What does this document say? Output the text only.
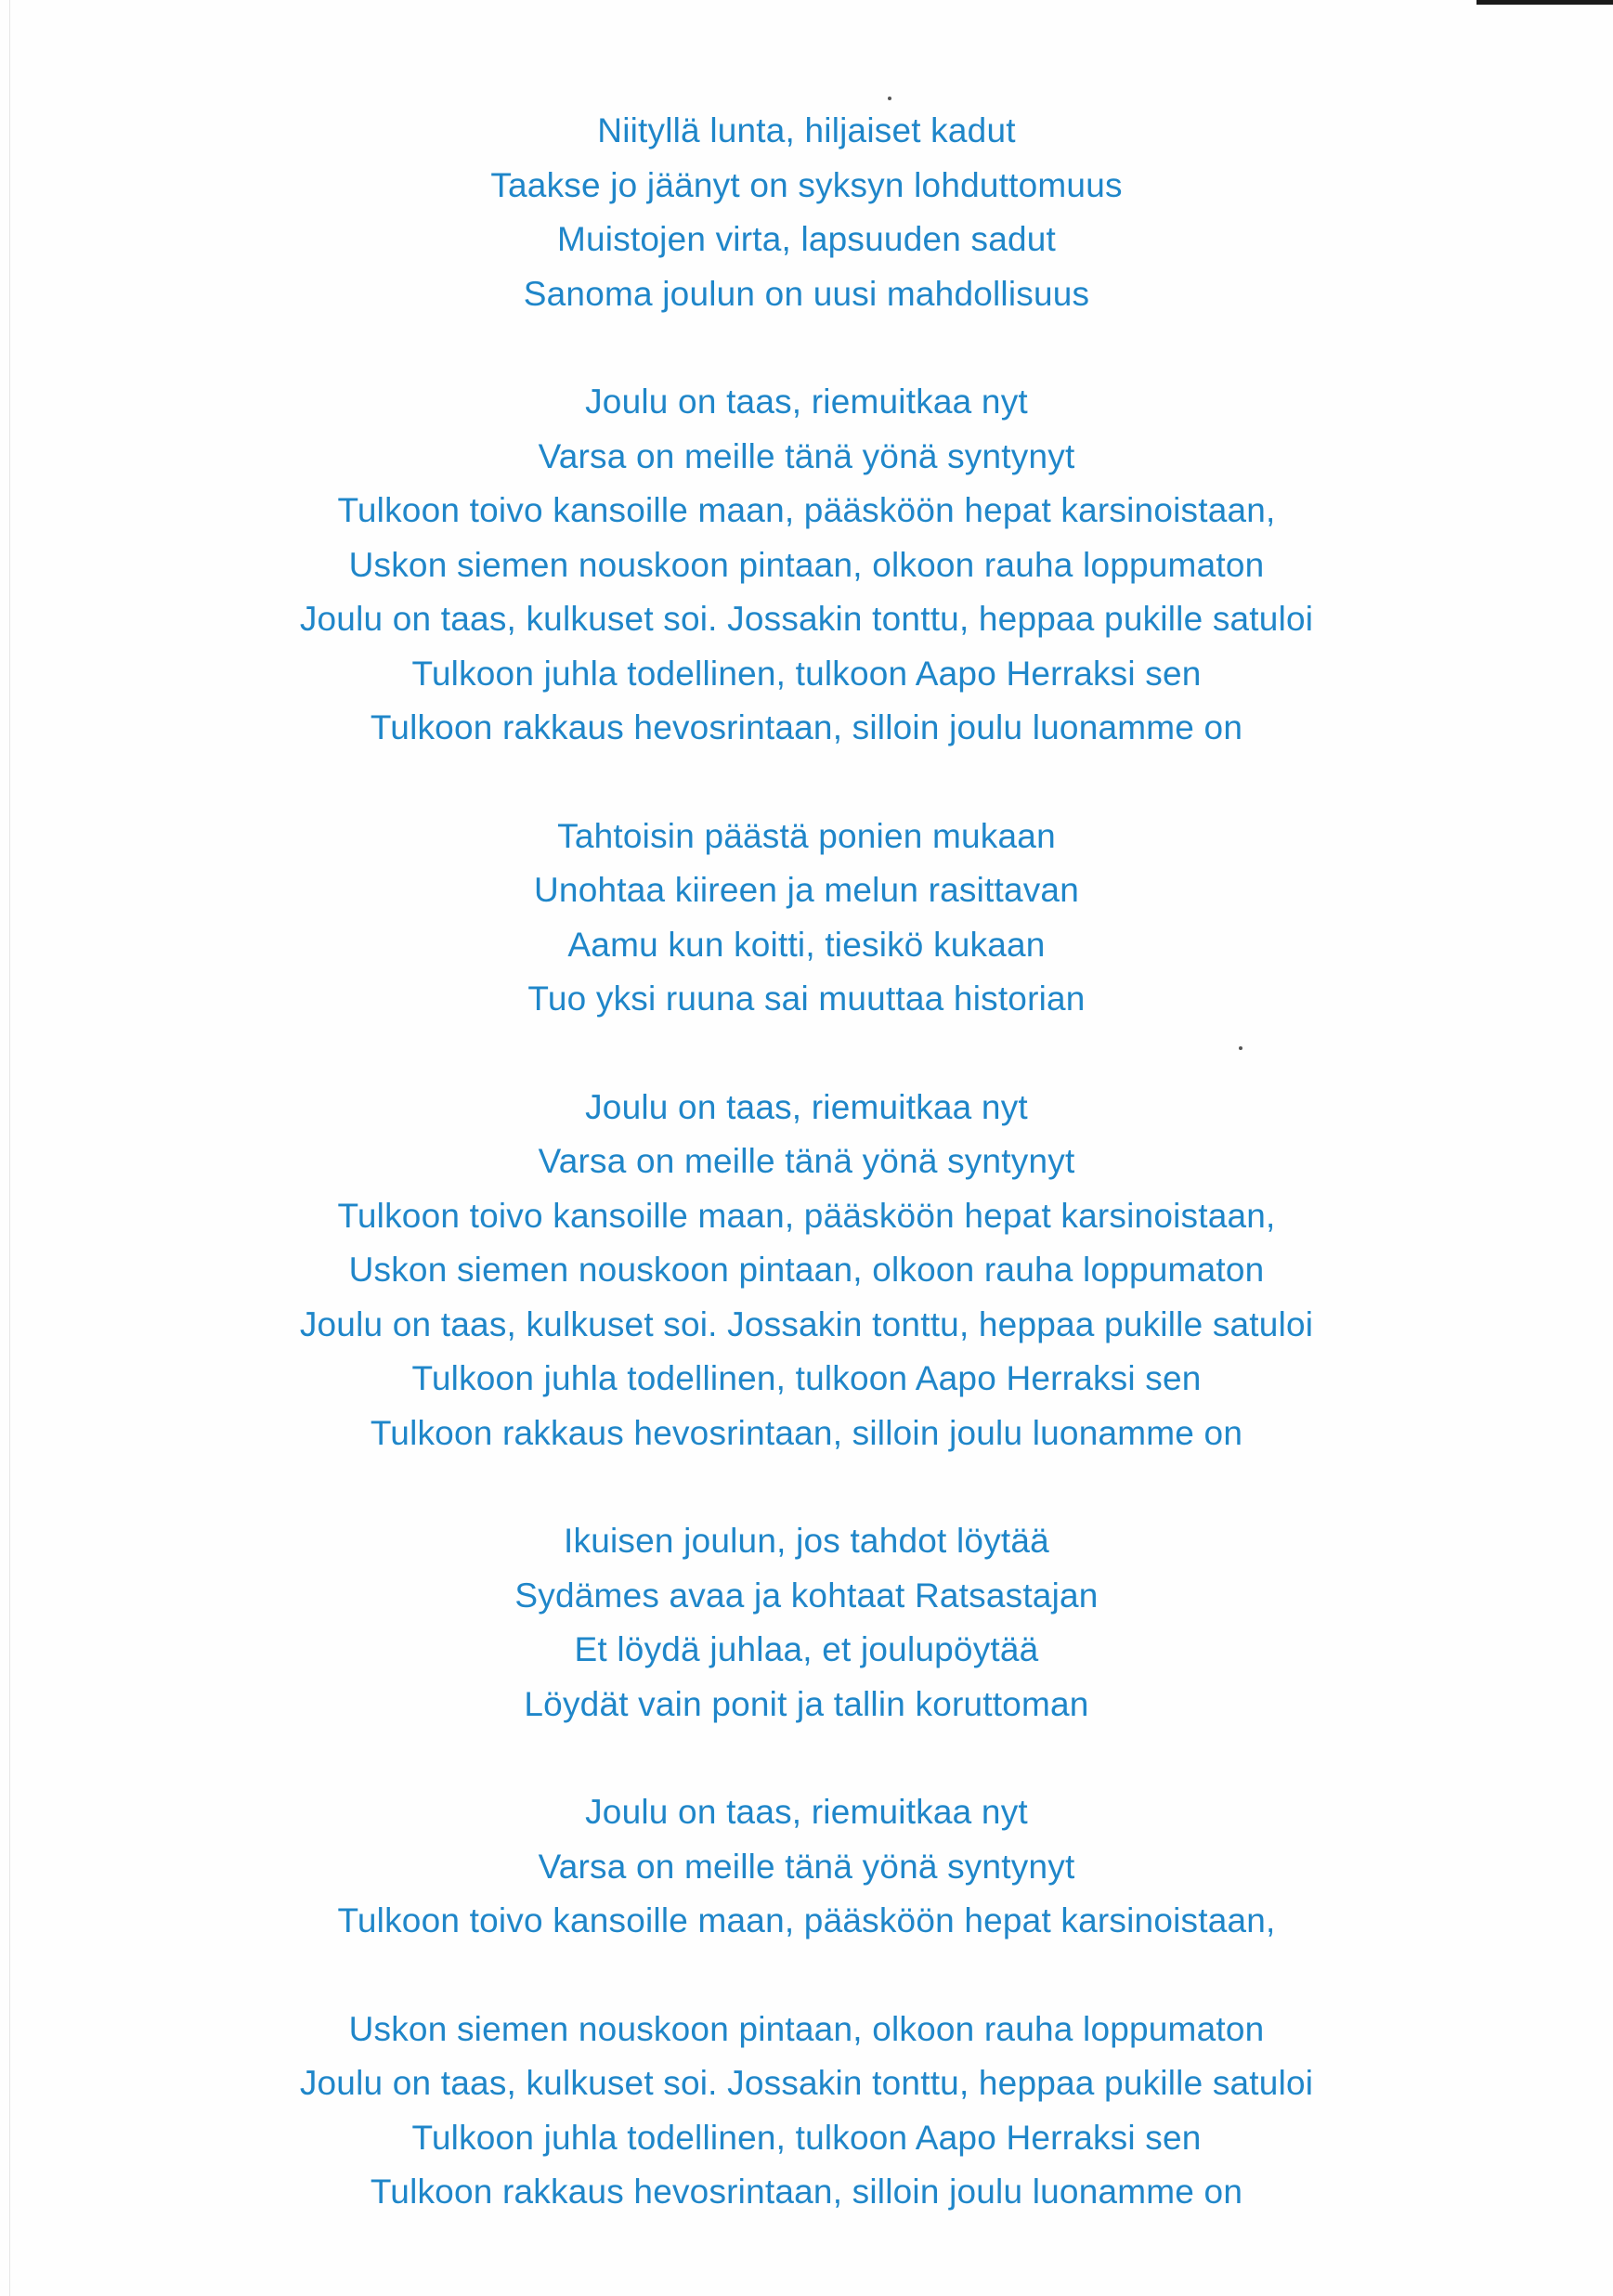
Niityllä lunta, hiljaiset kadut
Taakse jo jäänyt on syksyn lohduttomuus
Muistojen virta, lapsuuden sadut
Sanoma joulun on uusi mahdollisuus
Joulu on taas, riemuitkaa nyt
Varsa on meille tänä yönä syntynyt
Tulkoon toivo kansoille maan, pääsköön hepat karsinoistaan,
Uskon siemen nouskoon pintaan, olkoon rauha loppumaton
Joulu on taas, kulkuset soi. Jossakin tonttu, heppaa pukille satuloi
Tulkoon juhla todellinen, tulkoon Aapo Herraksi sen
Tulkoon rakkaus hevosrintaan, silloin joulu luonamme on
Tahtoisin päästä ponien mukaan
Unohtaa kiireen ja melun rasittavan
Aamu kun koitti, tiesikö kukaan
Tuo yksi ruuna sai muuttaa historian
Joulu on taas, riemuitkaa nyt
Varsa on meille tänä yönä syntynyt
Tulkoon toivo kansoille maan, pääsköön hepat karsinoistaan,
Uskon siemen nouskoon pintaan, olkoon rauha loppumaton
Joulu on taas, kulkuset soi. Jossakin tonttu, heppaa pukille satuloi
Tulkoon juhla todellinen, tulkoon Aapo Herraksi sen
Tulkoon rakkaus hevosrintaan, silloin joulu luonamme on
Ikuisen joulun, jos tahdot löytää
Sydämes avaa ja kohtaat Ratsastajan
Et löydä juhlaa, et joulupöytää
Löydät vain ponit ja tallin koruttoman
Joulu on taas, riemuitkaa nyt
Varsa on meille tänä yönä syntynyt
Tulkoon toivo kansoille maan, pääsköön hepat karsinoistaan,
Uskon siemen nouskoon pintaan, olkoon rauha loppumaton
Joulu on taas, kulkuset soi. Jossakin tonttu, heppaa pukille satuloi
Tulkoon juhla todellinen, tulkoon Aapo Herraksi sen
Tulkoon rakkaus hevosrintaan, silloin joulu luonamme on
